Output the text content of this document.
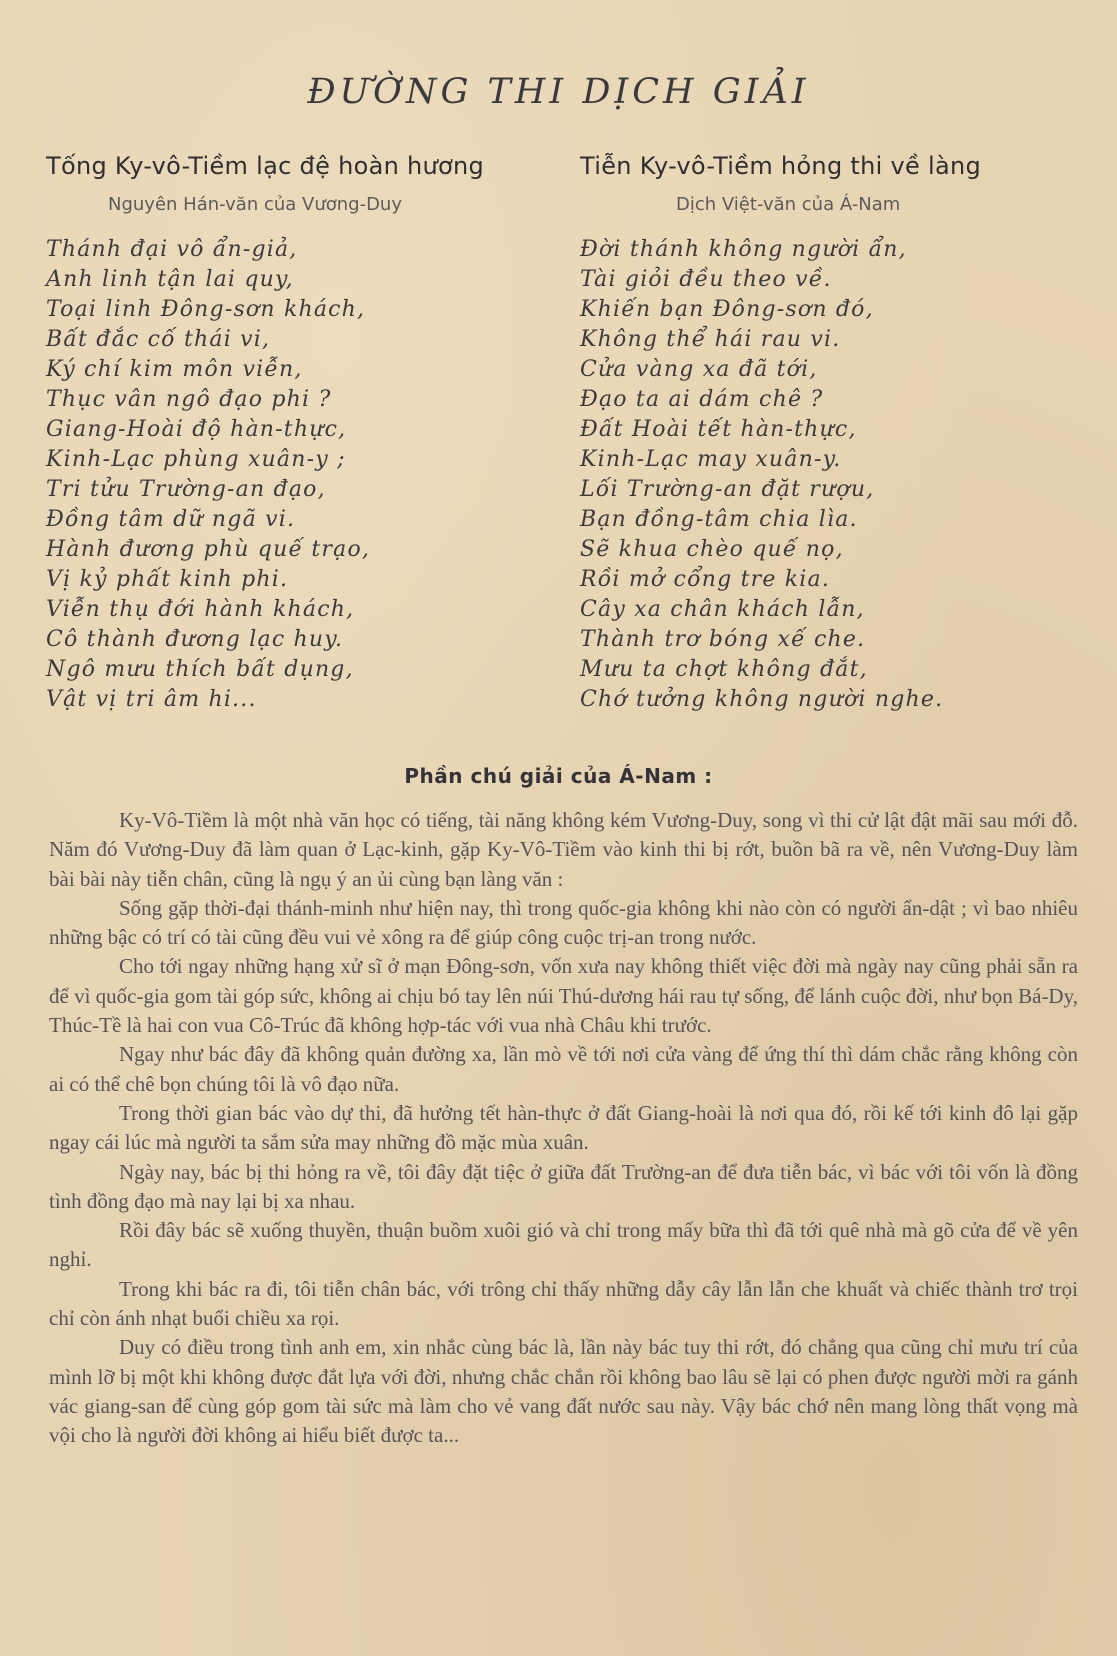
ĐƯỜNG THI DỊCH GIẢI
Tống Ky-vô-Tiềm lạc đệ hoàn hương
Nguyên Hán-văn của Vương-Duy
Thánh đại vô ẩn-giả,
Anh linh tận lai quy,
Toại linh Đông-sơn khách,
Bất đắc cố thái vi,
Ký chí kim môn viễn,
Thục vân ngô đạo phi ?
Giang-Hoài độ hàn-thực,
Kinh-Lạc phùng xuân-y ;
Tri tửu Trường-an đạo,
Đồng tâm dữ ngã vi.
Hành đương phù quế trạo,
Vị kỷ phất kinh phi.
Viễn thụ đới hành khách,
Cô thành đương lạc huy.
Ngô mưu thích bất dụng,
Vật vị tri âm hi...
Tiễn Ky-vô-Tiềm hỏng thi về làng
Dịch Việt-văn của Á-Nam
Đời thánh không người ẩn,
Tài giỏi đều theo về.
Khiến bạn Đông-sơn đó,
Không thể hái rau vi.
Cửa vàng xa đã tới,
Đạo ta ai dám chê ?
Đất Hoài tết hàn-thực,
Kinh-Lạc may xuân-y.
Lối Trường-an đặt rượu,
Bạn đồng-tâm chia lìa.
Sẽ khua chèo quế nọ,
Rồi mở cổng tre kia.
Cây xa chân khách lẫn,
Thành trơ bóng xế che.
Mưu ta chợt không đắt,
Chớ tưởng không người nghe.
Phần chú giải của Á-Nam :

Ky-Vô-Tiềm là một nhà văn học có tiếng, tài năng không kém Vương-Duy, song vì thi cử lật đật mãi sau mới đỗ. Năm đó Vương-Duy đã làm quan ở Lạc-kinh, gặp Ky-Vô-Tiềm vào kinh thi bị rớt, buồn bã ra về, nên Vương-Duy làm bài bài này tiễn chân, cũng là ngụ ý an ủi cùng bạn làng văn :

Sống gặp thời-đại thánh-minh như hiện nay, thì trong quốc-gia không khi nào còn có người ẩn-dật ; vì bao nhiêu những bậc có trí có tài cũng đều vui vẻ xông ra để giúp công cuộc trị-an trong nước.

Cho tới ngay những hạng xử sĩ ở mạn Đông-sơn, vốn xưa nay không thiết việc đời mà ngày nay cũng phải sẵn ra để vì quốc-gia gom tài góp sức, không ai chịu bó tay lên núi Thú-dương hái rau tự sống, để lánh cuộc đời, như bọn Bá-Dy, Thúc-Tề là hai con vua Cô-Trúc đã không hợp-tác với vua nhà Châu khi trước.

Ngay như bác đây đã không quản đường xa, lần mò về tới nơi cửa vàng để ứng thí thì dám chắc rằng không còn ai có thể chê bọn chúng tôi là vô đạo nữa.

Trong thời gian bác vào dự thi, đã hưởng tết hàn-thực ở đất Giang-hoài là nơi qua đó, rồi kế tới kinh đô lại gặp ngay cái lúc mà người ta sắm sửa may những đồ mặc mùa xuân.

Ngày nay, bác bị thi hỏng ra về, tôi đây đặt tiệc ở giữa đất Trường-an để đưa tiễn bác, vì bác với tôi vốn là đồng tình đồng đạo mà nay lại bị xa nhau.

Rồi đây bác sẽ xuống thuyền, thuận buồm xuôi gió và chỉ trong mấy bữa thì đã tới quê nhà mà gõ cửa để về yên nghỉ.

Trong khi bác ra đi, tôi tiễn chân bác, với trông chỉ thấy những dẫy cây lẫn lẫn che khuất và chiếc thành trơ trọi chỉ còn ánh nhạt buổi chiều xa rọi.

Duy có điều trong tình anh em, xin nhắc cùng bác là, lần này bác tuy thi rớt, đó chẳng qua cũng chỉ mưu trí của mình lỡ bị một khi không được đắt lựa với đời, nhưng chắc chắn rồi không bao lâu sẽ lại có phen được người mời ra gánh vác giang-san để cùng góp gom tài sức mà làm cho vẻ vang đất nước sau này. Vậy bác chớ nên mang lòng thất vọng mà vội cho là người đời không ai hiểu biết được ta...
